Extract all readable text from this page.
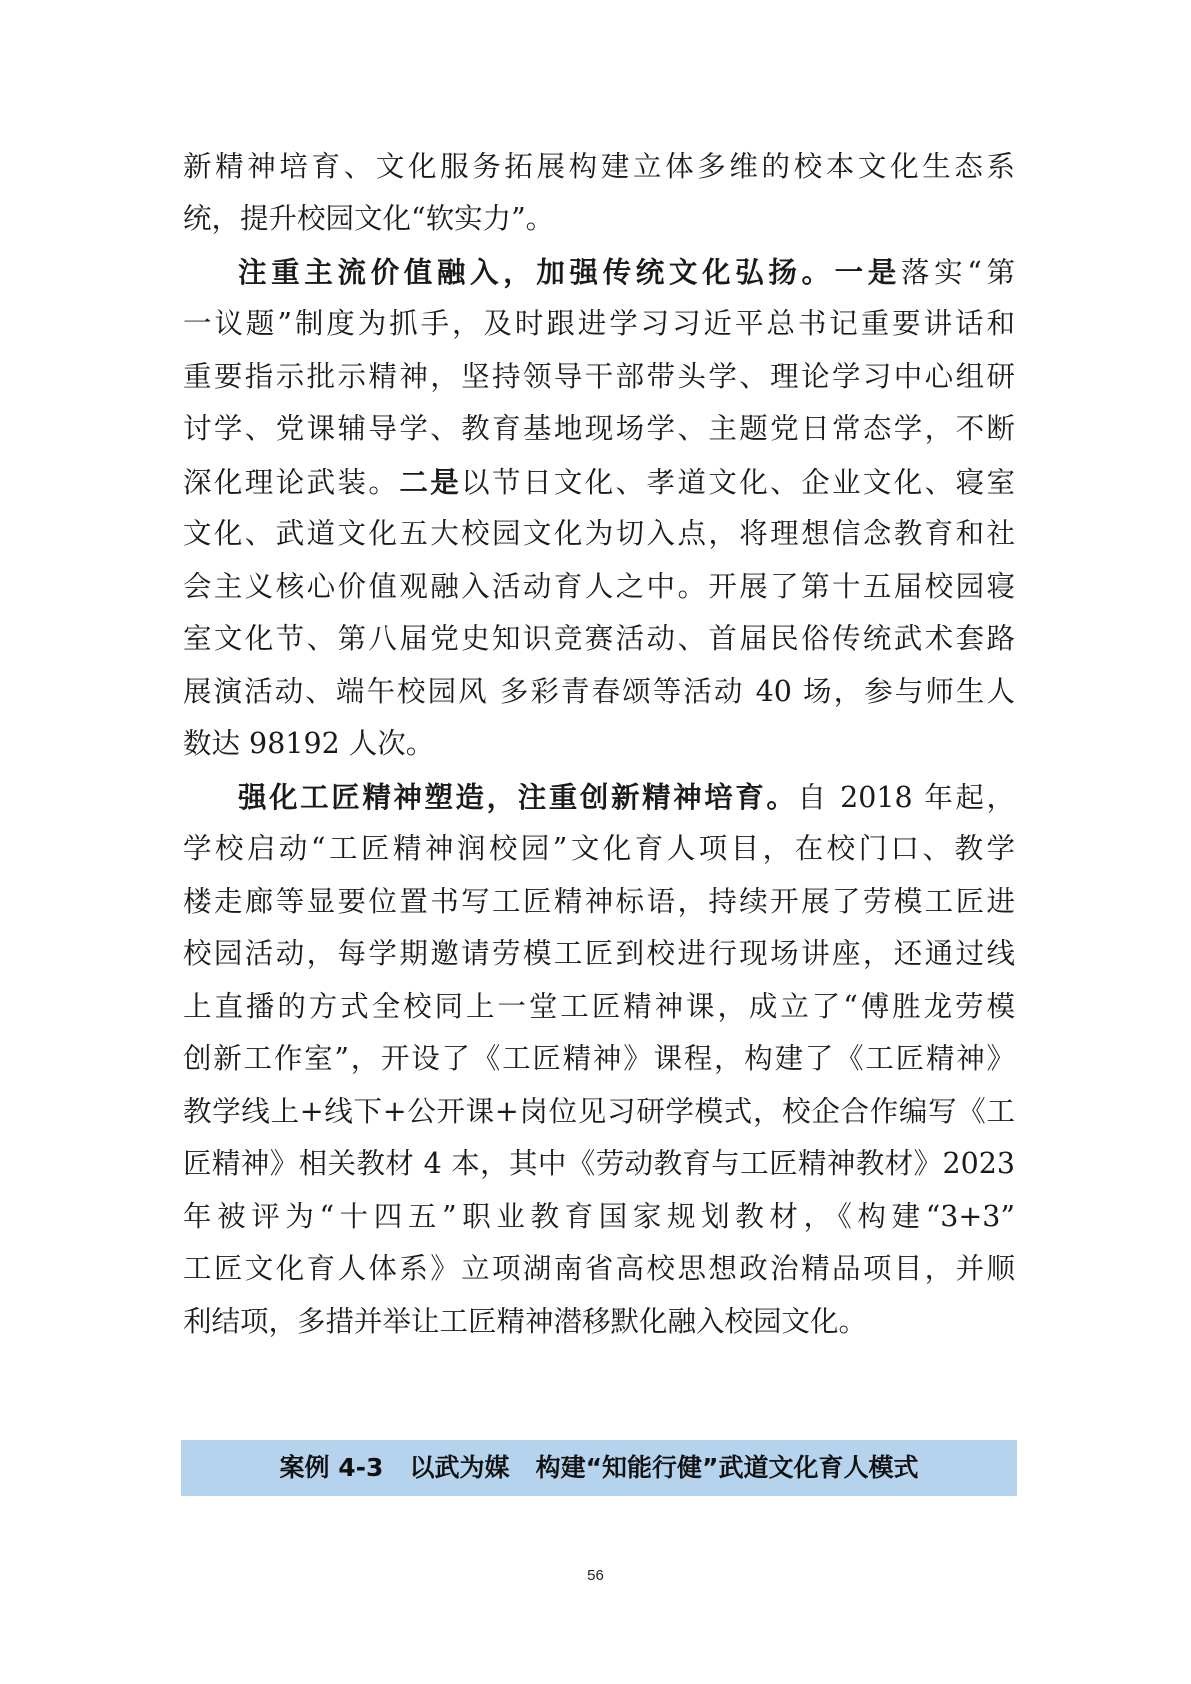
新精神培育、文化服务拓展构建立体多维的校本文化生态系
统，提升校园文化“软实力”。
注重主流价值融入，加强传统文化弘扬。一是落实“第
一议题”制度为抓手，及时跟进学习习近平总书记重要讲话和
重要指示批示精神，坚持领导干部带头学、理论学习中心组研
讨学、党课辅导学、教育基地现场学、主题党日常态学，不断
深化理论武装。二是以节日文化、孝道文化、企业文化、寝室
文化、武道文化五大校园文化为切入点，将理想信念教育和社
会主义核心价值观融入活动育人之中。开展了第十五届校园寝
室文化节、第八届党史知识竞赛活动、首届民俗传统武术套路
展演活动、端午校园风 多彩青春颂等活动 40 场，参与师生人
数达 98192 人次。
强化工匠精神塑造，注重创新精神培育。自 2018 年起，
学校启动“工匠精神润校园”文化育人项目，在校门口、教学
楼走廊等显要位置书写工匠精神标语，持续开展了劳模工匠进
校园活动，每学期邀请劳模工匠到校进行现场讲座，还通过线
上直播的方式全校同上一堂工匠精神课，成立了“傅胜龙劳模
创新工作室”，开设了《工匠精神》课程，构建了《工匠精神》
教学线上+线下+公开课+岗位见习研学模式，校企合作编写《工
匠精神》相关教材 4 本，其中《劳动教育与工匠精神教材》2023
年被评为“十四五”职业教育国家规划教材，《构建“3+3”
工匠文化育人体系》立项湖南省高校思想政治精品项目，并顺
利结项，多措并举让工匠精神潜移默化融入校园文化。
案例 4-3   以武为媒   构建“知能行健”武道文化育人模式
56
